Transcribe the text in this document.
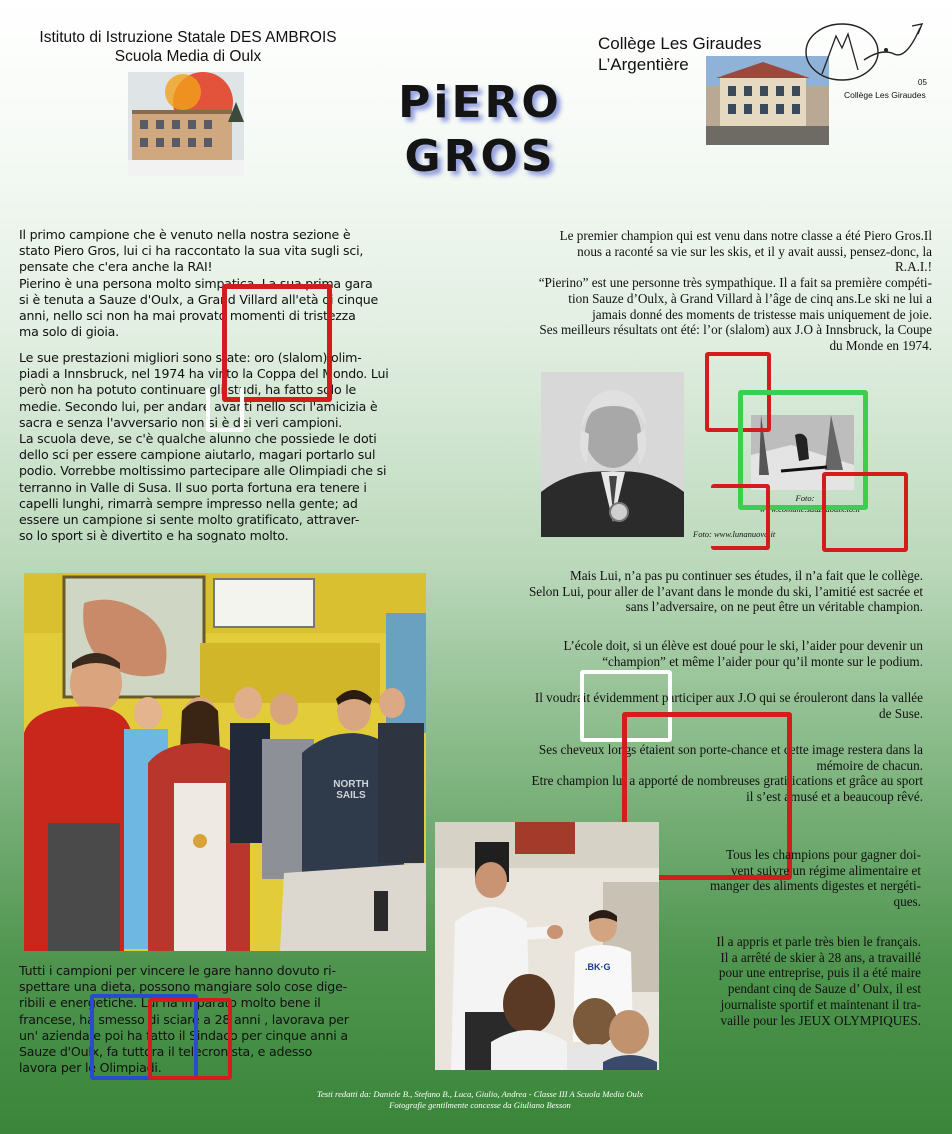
Istituto di Istruzione Statale DES AMBROIS
Scuola Media di Oulx
Collège Les Giraudes
L’Argentière
05
Collège Les Giraudes
PiERO
GROS
Il primo campione che è venuto nella nostra sezione è
stato Piero Gros, lui ci ha raccontato la sua vita sugli sci,
pensate che c'era anche la RAI!
Pierino è una persona molto simpatica. La sua prima gara
si è tenuta a Sauze d'Oulx, a Grand Villard all'età di cinque
anni, nello sci non ha mai provato momenti di tristezza
ma solo di gioia.
Le sue prestazioni migliori sono state: oro (slalom) olim-
piadi a Innsbruck, nel 1974 ha vinto la Coppa del Mondo. Lui
però non ha potuto continuare gli studi, ha fatto solo le
medie. Secondo lui, per andare avanti nello sci l'amicizia è
sacra e senza l'avversario non si è dei veri campioni.
La scuola deve, se c'è qualche alunno che possiede le doti
dello sci per essere campione aiutarlo, magari portarlo sul
podio. Vorrebbe moltissimo partecipare alle Olimpiadi che si
terranno in Valle di Susa. Il suo porta fortuna era tenere i
capelli lunghi, rimarrà sempre impresso nella gente; ad
essere un campione si sente molto gratificato, attraver-
so lo sport si è divertito e ha sognato molto.
Le premier champion qui est venu dans notre classe a été Piero Gros.Il
nous a raconté sa vie sur les skis, et il y avait aussi, pensez-donc, la
R.A.I.!
“Pierino” est une personne très sympathique. Il a fait sa première compéti-
tion Sauze d’Oulx, à Grand Villard à l’âge de cinq ans.Le ski ne lui a
jamais donné des moments de tristesse mais uniquement de joie.
Ses meilleurs résultats ont été: l’or (slalom) aux J.O à Innsbruck, la Coupe
du Monde en 1974.
Foto: www.lunanuova.it
Foto:
www.comune.sauzedoulx.to.it
Mais Lui, n’a pas pu continuer ses études, il n’a fait que le collège.
Selon Lui, pour aller de l’avant dans le monde du ski, l’amitié est sacrée et
sans l’adversaire, on ne peut être un véritable champion.
L’école doit, si un élève est doué pour le ski, l’aider pour devenir un
“champion” et même l’aider pour qu’il monte sur le podium.
Il voudrait évidemment participer aux J.O qui se érouleront dans la vallée
de Suse.
Ses cheveux longs étaient son porte-chance et cette image restera dans la
mémoire de chacun.
Etre champion lui a apporté de nombreuses gratifications et grâce au sport
il s’est amusé et a beaucoup rêvé.
NORTH
SAILS
Tutti i campioni per vincere le gare hanno dovuto ri-
spettare una dieta, possono mangiare solo cose dige-
ribili e energetiche. Lui ha imparato molto bene il
francese, ha smesso di sciare a 28 anni , lavorava per
un' azienda e poi ha fatto il Sindaco per cinque anni a
Sauze d'Oulx, fa tuttora il telecronista, e adesso
lavora per le Olimpiadi.
.BK·G
Tous les champions pour gagner doi-
vent suivre un régime alimentaire et
manger des aliments digestes et nergéti-
ques.
Il a appris et parle très bien le français.
Il a arrêté de skier à 28 ans, a travaillé
pour une entreprise, puis il a été maire
pendant cinq de Sauze d’ Oulx, il est
journaliste sportif et maintenant il tra-
vaille pour les JEUX OLYMPIQUES.
Testi redatti da: Daniele B., Stefano B., Luca, Giulio, Andrea - Classe III A Scuola Media Oulx
Fotografie gentilmente concesse da Giuliano Besson
